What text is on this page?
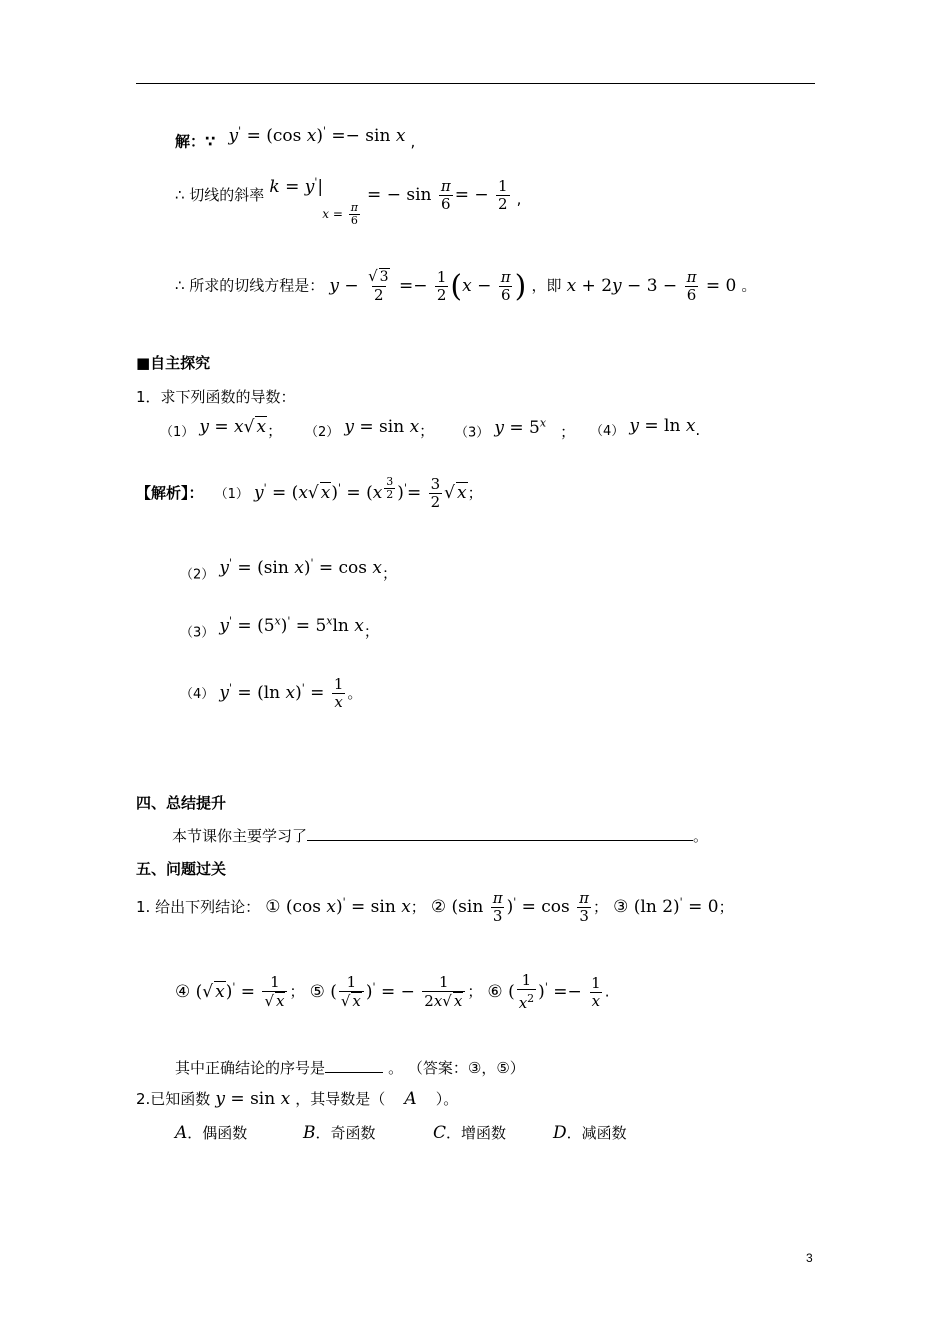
解：∵ y' = (cos x)' =− sin x ,
∴ 切线的斜率 k = y'| $x = \frac{\pi}{6}$
= − $\sin \frac{\pi}{6}$ = − $\frac{1}{2}$ ,
∴ 所求的切线方程是： $y - \frac{√ 3}{2} =- \frac{1}{2} (x - \frac{\pi}{6}$ ) ，即 $x + 2y - 3 - \frac{\pi}{6} = 0$ 。
■自主探究
1．求下列函数的导数：
（1） y = x√ x； （2） y = sin x； （3） $y = 5^x$； （4） y = ln x.
【解析】： （1） y' = (x√ x)' = (x $^{\frac{3}{2}}$ )$'= \frac{3}{2}$ √ x；
（2） y' = (sin x)' = cos x；
（3） $y' = (5^x)' = 5^x\ln$ x；
（4） y' = (ln $x)' = \frac{1}{x}$ 。
四、总结提升
本节课你主要学习了	。
五、问题过关
1. 给出下列结论： ① (cos x)' = sin x； ② $(\sin \frac{\pi}{3} )' = \cos \frac{\pi}{3}$ ； ③ (ln 2)' = 0；
④ (√ $x)' = \frac{1}{√ x}$ ； ⑤ ( $\frac{1}{√ x} )'$ = − $\frac{1}{2x√ x}$ ； ⑥ ( $\frac{1}{x^2} )' =- \frac{1}{x}$ .
其中正确结论的序号是	。 （答案：③，⑤）
2.已知函数 y = sin x ，其导数是（ A ）。
A．偶函数	B．奇函数	C．增函数	D．减函数
3
